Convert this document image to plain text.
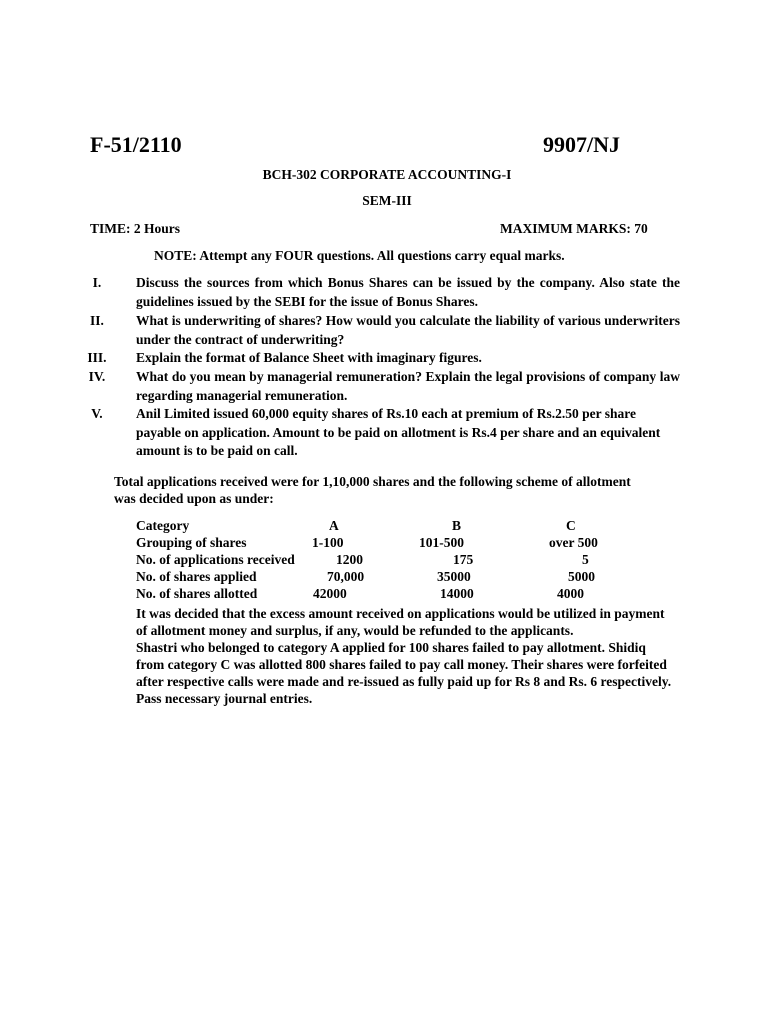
F-51/2110	9907/NJ
BCH-302 CORPORATE ACCOUNTING-I
SEM-III
TIME: 2 Hours	MAXIMUM MARKS: 70
NOTE: Attempt any FOUR questions. All questions carry equal marks.
I.	Discuss the sources from which Bonus Shares can be issued by the company. Also state the guidelines issued by the SEBI for the issue of Bonus Shares.
II.	What is underwriting of shares? How would you calculate the liability of various underwriters under the contract of underwriting?
III.	Explain the format of Balance Sheet with imaginary figures.
IV.	What do you mean by managerial remuneration? Explain the legal provisions of company law regarding managerial remuneration.
V.	Anil Limited issued 60,000 equity shares of Rs.10 each at premium of Rs.2.50 per share payable on application. Amount to be paid on allotment is Rs.4 per share and an equivalent amount is to be paid on call.
Total applications received were for 1,10,000 shares and the following scheme of allotment was decided upon as under:
Category	A	B	C
Grouping of shares	1-100	101-500	over 500
No. of applications received	1200	175	5
No. of shares applied	70,000	35000	5000
No. of shares allotted	42000	14000	4000

It was decided that the excess amount received on applications would be utilized in payment of allotment money and surplus, if any, would be refunded to the applicants.

Shastri who belonged to category A applied for 100 shares failed to pay allotment. Shidiq from category C was allotted 800 shares failed to pay call money. Their shares were forfeited after respective calls were made and re-issued as fully paid up for Rs 8 and Rs. 6 respectively. Pass necessary journal entries.
